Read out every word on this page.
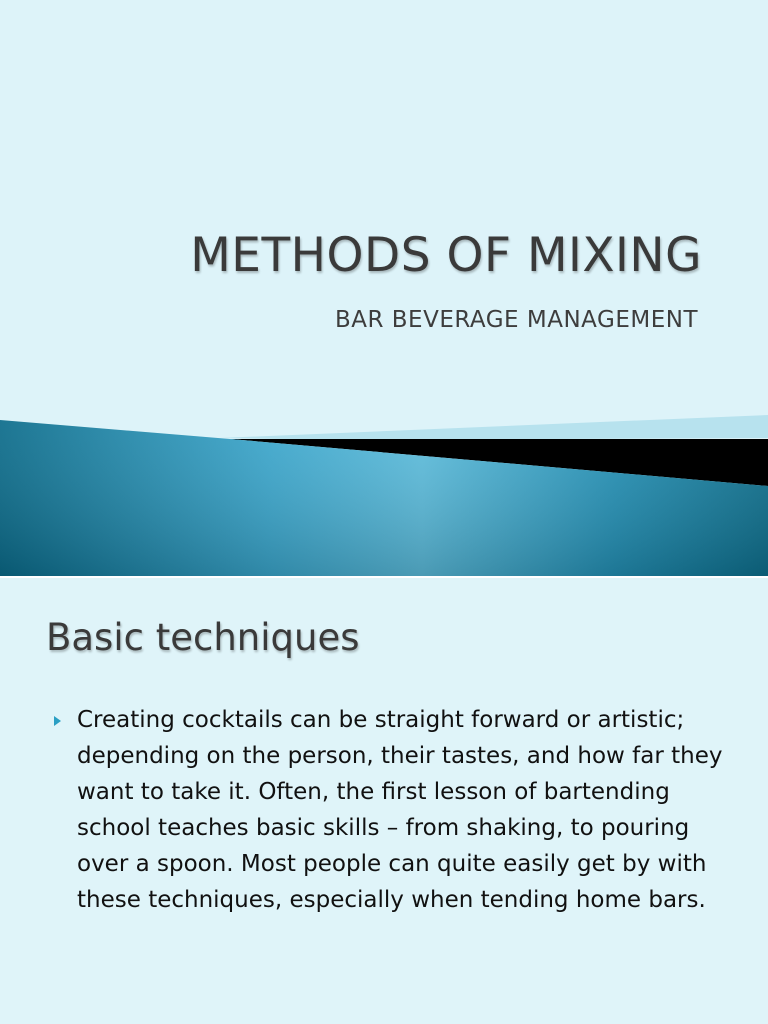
METHODS OF MIXING
BAR BEVERAGE MANAGEMENT
Basic techniques
Creating cocktails can be straight forward or artistic; depending on the person, their tastes, and how far they want to take it. Often, the first lesson of bartending school teaches basic skills – from shaking, to pouring over a spoon. Most people can quite easily get by with these techniques, especially when tending home bars.
